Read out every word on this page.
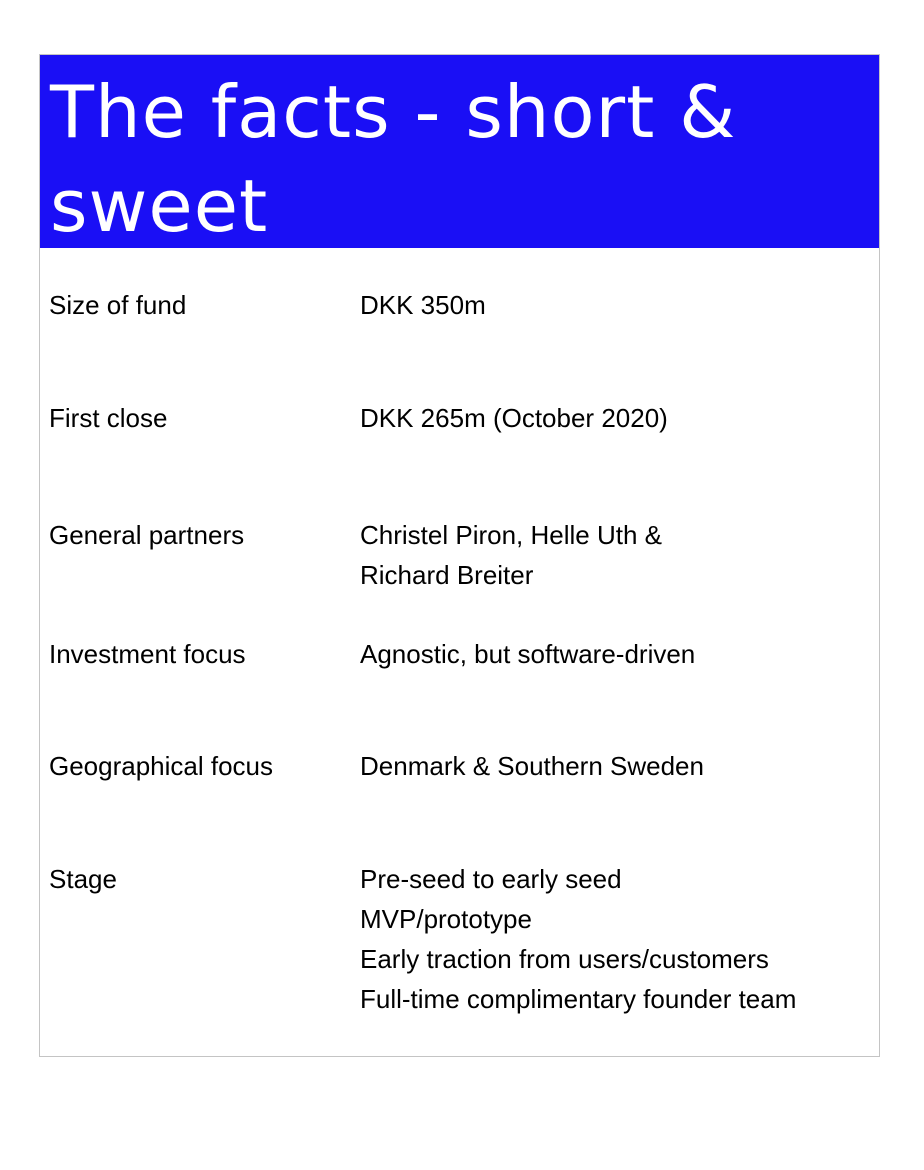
The facts - short & sweet
Size of fund	DKK 350m
First close	DKK 265m (October 2020)
General partners	Christel Piron, Helle Uth &
Richard Breiter
Investment focus	Agnostic, but software-driven
Geographical focus	Denmark & Southern Sweden
Stage	Pre-seed to early seed
MVP/prototype
Early traction from users/customers
Full-time complimentary founder team
